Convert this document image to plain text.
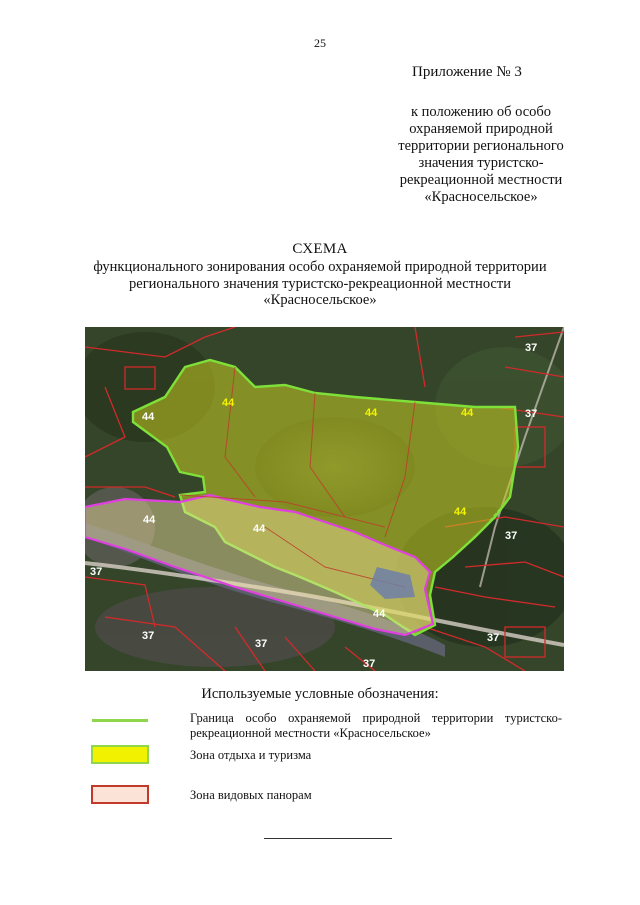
25
Приложение № 3
к положению об особо
охраняемой природной
территории регионального
значения туристско-
рекреационной местности
«Красносельское»
СХЕМА
функционального зонирования особо охраняемой природной территории
регионального значения туристско-рекреационной местности
«Красносельское»
44
44
44	44
44
44
44
44
37
37
37
37
37
37
37
37
Используемые условные обозначения:
Граница особо охраняемой природной территории туристско-рекреационной местности «Красносельское»
Зона отдыха и туризма
Зона видовых панорам
